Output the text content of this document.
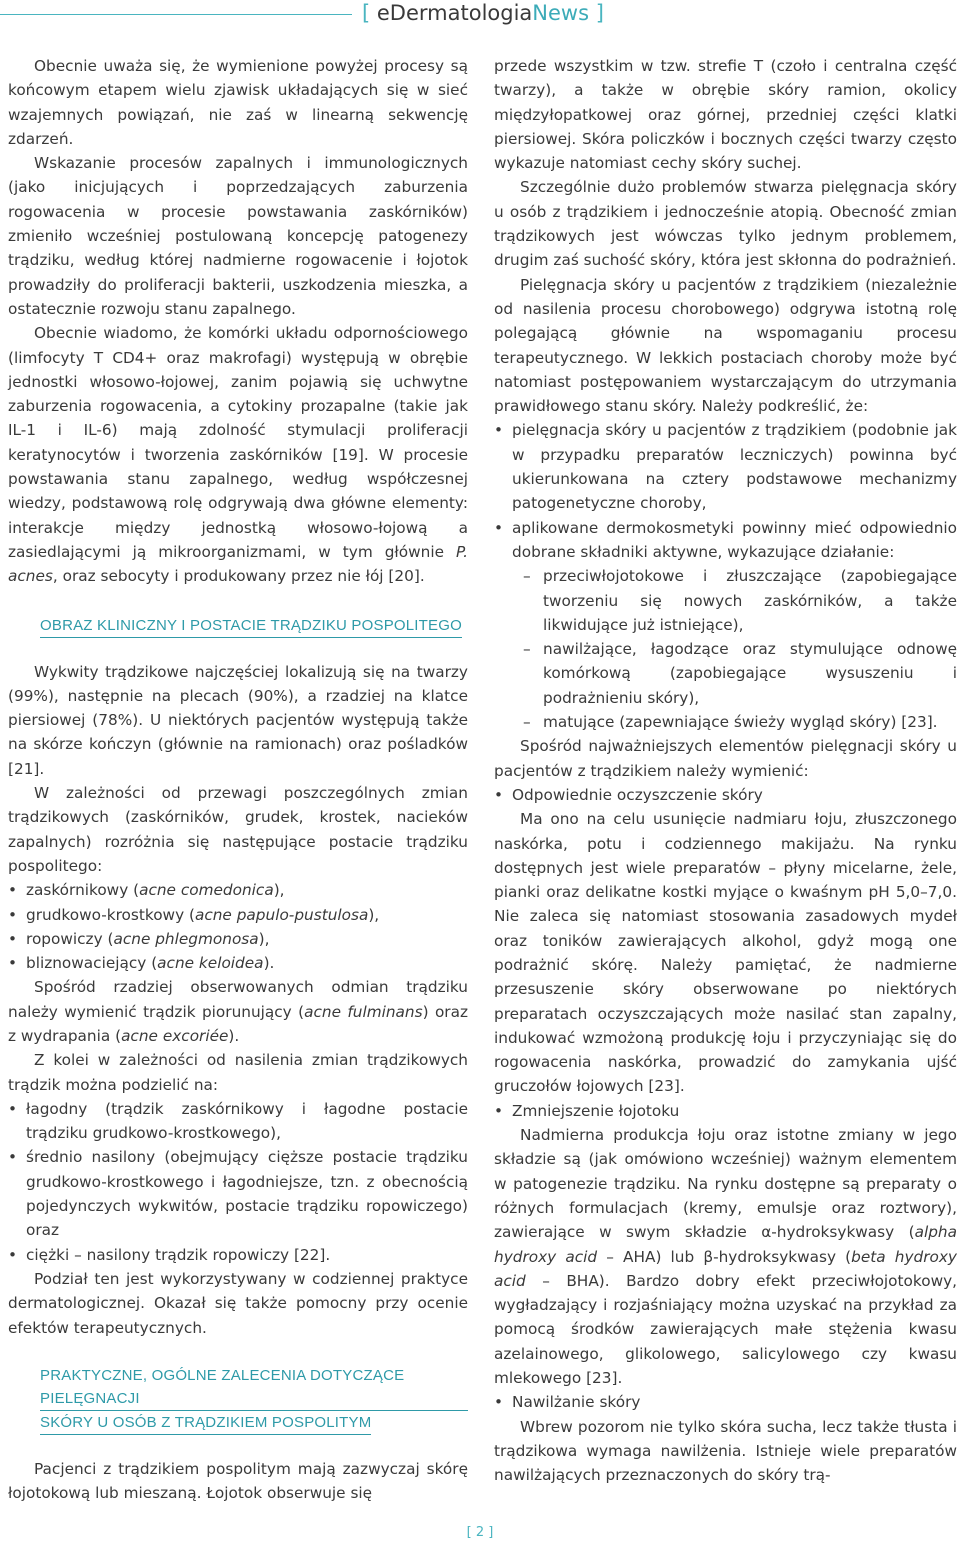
[ eDermatologiaNews ]

Obecnie uważa się, że wymienione powyżej procesy są końcowym etapem wielu zjawisk układających się w sieć wzajemnych powiązań, nie zaś w linearną sekwencję zdarzeń.

Wskazanie procesów zapalnych i immunologicznych (jako inicjujących i poprzedzających zaburzenia rogowacenia w procesie powstawania zaskórników) zmieniło wcześniej postulowaną koncepcję patogenezy trądziku, według której nadmierne rogowacenie i łojotok prowadziły do proliferacji bakterii, uszkodzenia mieszka, a ostatecznie rozwoju stanu zapalnego.

Obecnie wiadomo, że komórki układu odpornościowego (limfocyty T CD4+ oraz makrofagi) występują w obrębie jednostki włosowo-łojowej, zanim pojawią się uchwytne zaburzenia rogowacenia, a cytokiny prozapalne (takie jak IL-1 i IL-6) mają zdolność stymulacji proliferacji keratynocytów i tworzenia zaskórników [19]. W procesie powstawania stanu zapalnego, według współczesnej wiedzy, podstawową rolę odgrywają dwa główne elementy: interakcje między jednostką włosowo-łojową a zasiedlającymi ją mikroorganizmami, w tym głównie P. acnes, oraz sebocyty i produkowany przez nie łój [20].

OBRAZ KLINICZNY I POSTACIE TRĄDZIKU POSPOLITEGO

Wykwity trądzikowe najczęściej lokalizują się na twarzy (99%), następnie na plecach (90%), a rzadziej na klatce piersiowej (78%). U niektórych pacjentów występują także na skórze kończyn (głównie na ramionach) oraz pośladków [21].

W zależności od przewagi poszczególnych zmian trądzikowych (zaskórników, grudek, krostek, nacieków zapalnych) rozróżnia się następujące postacie trądziku pospolitego:

• zaskórnikowy (acne comedonica),
• grudkowo-krostkowy (acne papulo-pustulosa),
• ropowiczy (acne phlegmonosa),
• bliznowaciejący (acne keloidea).

Spośród rzadziej obserwowanych odmian trądziku należy wymienić trądzik piorunujący (acne fulminans) oraz z wydrapania (acne excoriée).

Z kolei w zależności od nasilenia zmian trądzikowych trądzik można podzielić na:

• łagodny (trądzik zaskórnikowy i łagodne postacie trądziku grudkowo-krostkowego),
• średnio nasilony (obejmujący cięższe postacie trądziku grudkowo-krostkowego i łagodniejsze, tzn. z obecnością pojedynczych wykwitów, postacie trądziku ropowiczego) oraz
• ciężki – nasilony trądzik ropowiczy [22].

Podział ten jest wykorzystywany w codziennej praktyce dermatologicznej. Okazał się także pomocny przy ocenie efektów terapeutycznych.

PRAKTYCZNE, OGÓLNE ZALECENIA DOTYCZĄCE PIELĘGNACJI
SKÓRY U OSÓB Z TRĄDZIKIEM POSPOLITYM

Pacjenci z trądzikiem pospolitym mają zazwyczaj skórę łojotokową lub mieszaną. Łojotok obserwuje się

przede wszystkim w tzw. strefie T (czoło i centralna część twarzy), a także w obrębie skóry ramion, okolicy międzyłopatkowej oraz górnej, przedniej części klatki piersiowej. Skóra policzków i bocznych części twarzy często wykazuje natomiast cechy skóry suchej.

Szczególnie dużo problemów stwarza pielęgnacja skóry u osób z trądzikiem i jednocześnie atopią. Obecność zmian trądzikowych jest wówczas tylko jednym problemem, drugim zaś suchość skóry, która jest skłonna do podrażnień.

Pielęgnacja skóry u pacjentów z trądzikiem (niezależnie od nasilenia procesu chorobowego) odgrywa istotną rolę polegającą głównie na wspomaganiu procesu terapeutycznego. W lekkich postaciach choroby może być natomiast postępowaniem wystarczającym do utrzymania prawidłowego stanu skóry. Należy podkreślić, że:

• pielęgnacja skóry u pacjentów z trądzikiem (podobnie jak w przypadku preparatów leczniczych) powinna być ukierunkowana na cztery podstawowe mechanizmy patogenetyczne choroby,
• aplikowane dermokosmetyki powinny mieć odpowiednio dobrane składniki aktywne, wykazujące działanie:
– przeciwłojotokowe i złuszczające (zapobiegające tworzeniu się nowych zaskórników, a także likwidujące już istniejące),
– nawilżające, łagodzące oraz stymulujące odnowę komórkową (zapobiegające wysuszeniu i podrażnieniu skóry),
– matujące (zapewniające świeży wygląd skóry) [23].

Spośród najważniejszych elementów pielęgnacji skóry u pacjentów z trądzikiem należy wymienić:

• Odpowiednie oczyszczenie skóry

Ma ono na celu usunięcie nadmiaru łoju, złuszczonego naskórka, potu i codziennego makijażu. Na rynku dostępnych jest wiele preparatów – płyny micelarne, żele, pianki oraz delikatne kostki myjące o kwaśnym pH 5,0–7,0. Nie zaleca się natomiast stosowania zasadowych mydeł oraz toników zawierających alkohol, gdyż mogą one podrażnić skórę. Należy pamiętać, że nadmierne przesuszenie skóry obserwowane po niektórych preparatach oczyszczających może nasilać stan zapalny, indukować wzmożoną produkcję łoju i przyczyniając się do rogowacenia naskórka, prowadzić do zamykania ujść gruczołów łojowych [23].

• Zmniejszenie łojotoku

Nadmierna produkcja łoju oraz istotne zmiany w jego składzie są (jak omówiono wcześniej) ważnym elementem w patogenezie trądziku. Na rynku dostępne są preparaty o różnych formulacjach (kremy, emulsje oraz roztwory), zawierające w swym składzie α-hydroksykwasy (alpha hydroxy acid – AHA) lub β-hydroksykwasy (beta hydroxy acid – BHA). Bardzo dobry efekt przeciwłojotokowy, wygładzający i rozjaśniający można uzyskać na przykład za pomocą środków zawierających małe stężenia kwasu azelainowego, glikolowego, salicylowego czy kwasu mlekowego [23].

• Nawilżanie skóry

Wbrew pozorom nie tylko skóra sucha, lecz także tłusta i trądzikowa wymaga nawilżenia. Istnieje wiele preparatów nawilżających przeznaczonych do skóry trą-

[ 2 ]
